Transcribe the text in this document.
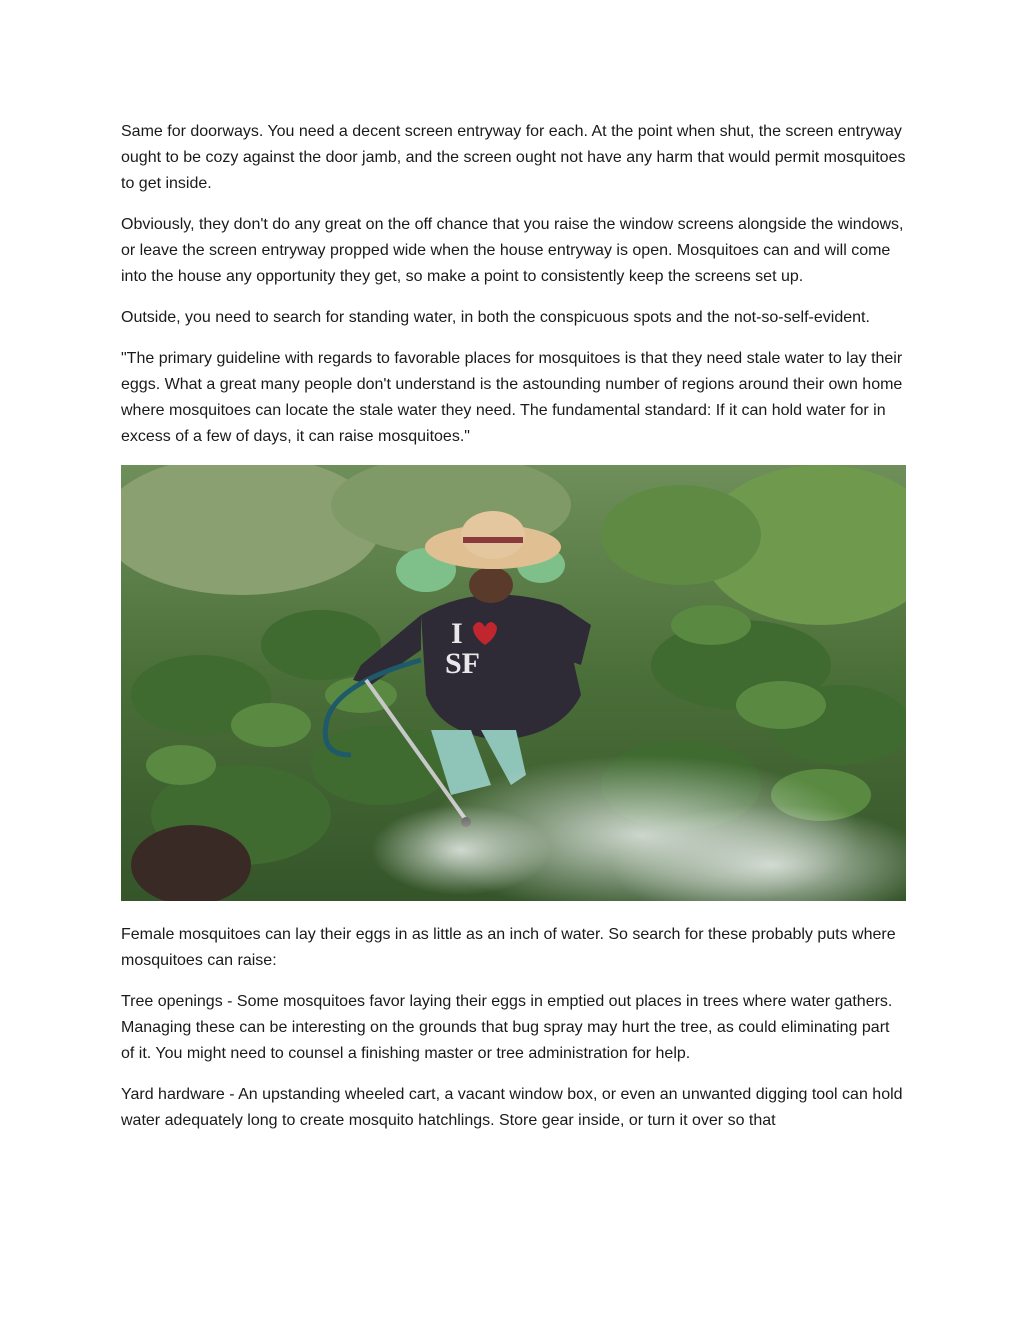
Same for doorways. You need a decent screen entryway for each. At the point when shut, the screen entryway ought to be cozy against the door jamb, and the screen ought not have any harm that would permit mosquitoes to get inside.

Obviously, they don't do any great on the off chance that you raise the window screens alongside the windows, or leave the screen entryway propped wide when the house entryway is open. Mosquitoes can and will come into the house any opportunity they get, so make a point to consistently keep the screens set up.

Outside, you need to search for standing water, in both the conspicuous spots and the not-so-self-evident.

"The primary guideline with regards to favorable places for mosquitoes is that they need stale water to lay their eggs. What a great many people don't understand is the astounding number of regions around their own home where mosquitoes can locate the stale water they need. The fundamental standard: If it can hold water for in excess of a few of days, it can raise mosquitoes."

I
SF

Female mosquitoes can lay their eggs in as little as an inch of water. So search for these probably puts where mosquitoes can raise:

Tree openings - Some mosquitoes favor laying their eggs in emptied out places in trees where water gathers. Managing these can be interesting on the grounds that bug spray may hurt the tree, as could eliminating part of it. You might need to counsel a finishing master or tree administration for help.

Yard hardware - An upstanding wheeled cart, a vacant window box, or even an unwanted digging tool can hold water adequately long to create mosquito hatchlings. Store gear inside, or turn it over so that
